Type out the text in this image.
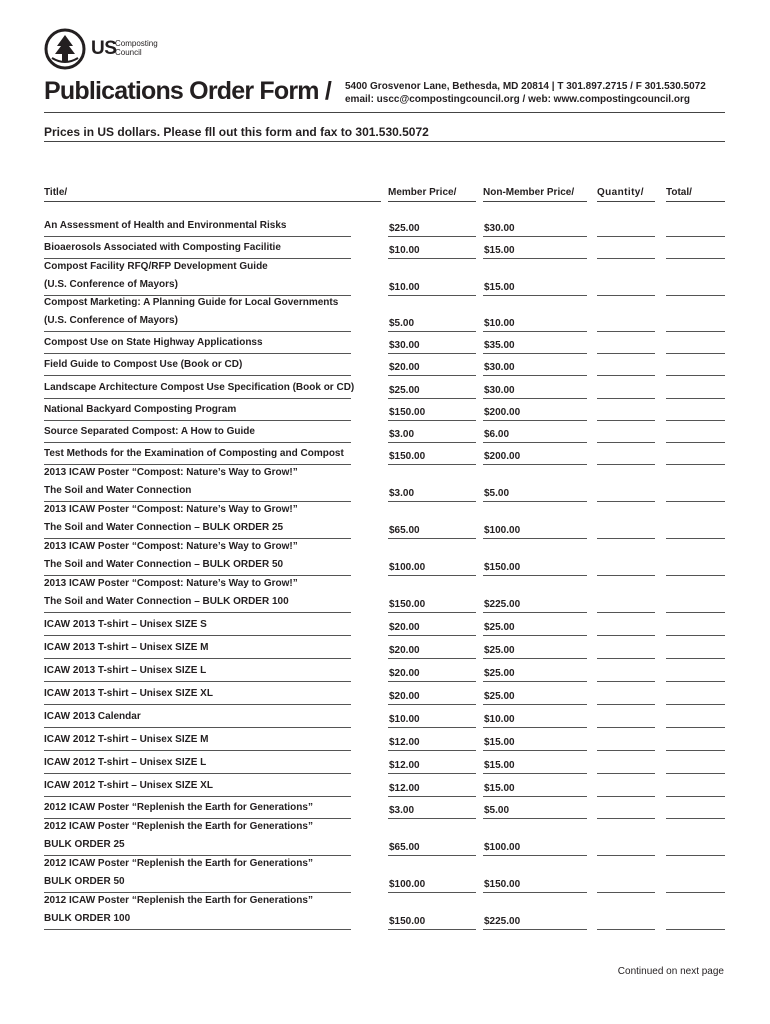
US
Composting
Council
Publications Order Form / 5400 Grosvenor Lane, Bethesda, MD 20814 | T 301.897.2715 / F 301.530.5072
email: uscc@compostingcouncil.org / web: www.compostingcouncil.org
Prices in US dollars. Please fll out this form and fax to 301.530.5072
Title/	Member Price/	Non-Member Price/ Quantity/ Total/
An Assessment of Health and Environmental Risks	$25.00	$30.00
Bioaerosols Associated with Composting Facilitie	$10.00	$15.00
Compost Facility RFQ/RFP Development Guide
(U.S. Conference of Mayors)	$10.00	$15.00
Compost Marketing: A Planning Guide for Local Governments
(U.S. Conference of Mayors)	$5.00	$10.00
Compost Use on State Highway Applicationss	$30.00	$35.00
Field Guide to Compost Use (Book or CD)	$20.00	$30.00
Landscape Architecture Compost Use Specification (Book or CD)	$25.00	$30.00
National Backyard Composting Program	$150.00	$200.00
Source Separated Compost: A How to Guide	$3.00	$6.00
Test Methods for the Examination of Composting and Compost	$150.00	$200.00
2013 ICAW Poster “Compost: Nature’s Way to Grow!”
The Soil and Water Connection	$3.00	$5.00
2013 ICAW Poster “Compost: Nature’s Way to Grow!”
The Soil and Water Connection – BULK ORDER 25	$65.00	$100.00
2013 ICAW Poster “Compost: Nature’s Way to Grow!”
The Soil and Water Connection – BULK ORDER 50	$100.00	$150.00
2013 ICAW Poster “Compost: Nature’s Way to Grow!”
The Soil and Water Connection – BULK ORDER 100	$150.00	$225.00
ICAW 2013 T-shirt – Unisex SIZE S	$20.00	$25.00
ICAW 2013 T-shirt – Unisex SIZE M	$20.00	$25.00
ICAW 2013 T-shirt – Unisex SIZE L	$20.00	$25.00
ICAW 2013 T-shirt – Unisex SIZE XL	$20.00	$25.00
ICAW 2013 Calendar	$10.00	$10.00
ICAW 2012 T-shirt – Unisex SIZE M	$12.00	$15.00
ICAW 2012 T-shirt – Unisex SIZE L	$12.00	$15.00
ICAW 2012 T-shirt – Unisex SIZE XL	$12.00	$15.00
2012 ICAW Poster “Replenish the Earth for Generations”	$3.00	$5.00
2012 ICAW Poster “Replenish the Earth for Generations”
BULK ORDER 25	$65.00	$100.00
2012 ICAW Poster “Replenish the Earth for Generations”
BULK ORDER 50	$100.00	$150.00
2012 ICAW Poster “Replenish the Earth for Generations”
BULK ORDER 100	$150.00	$225.00
Continued on next page
